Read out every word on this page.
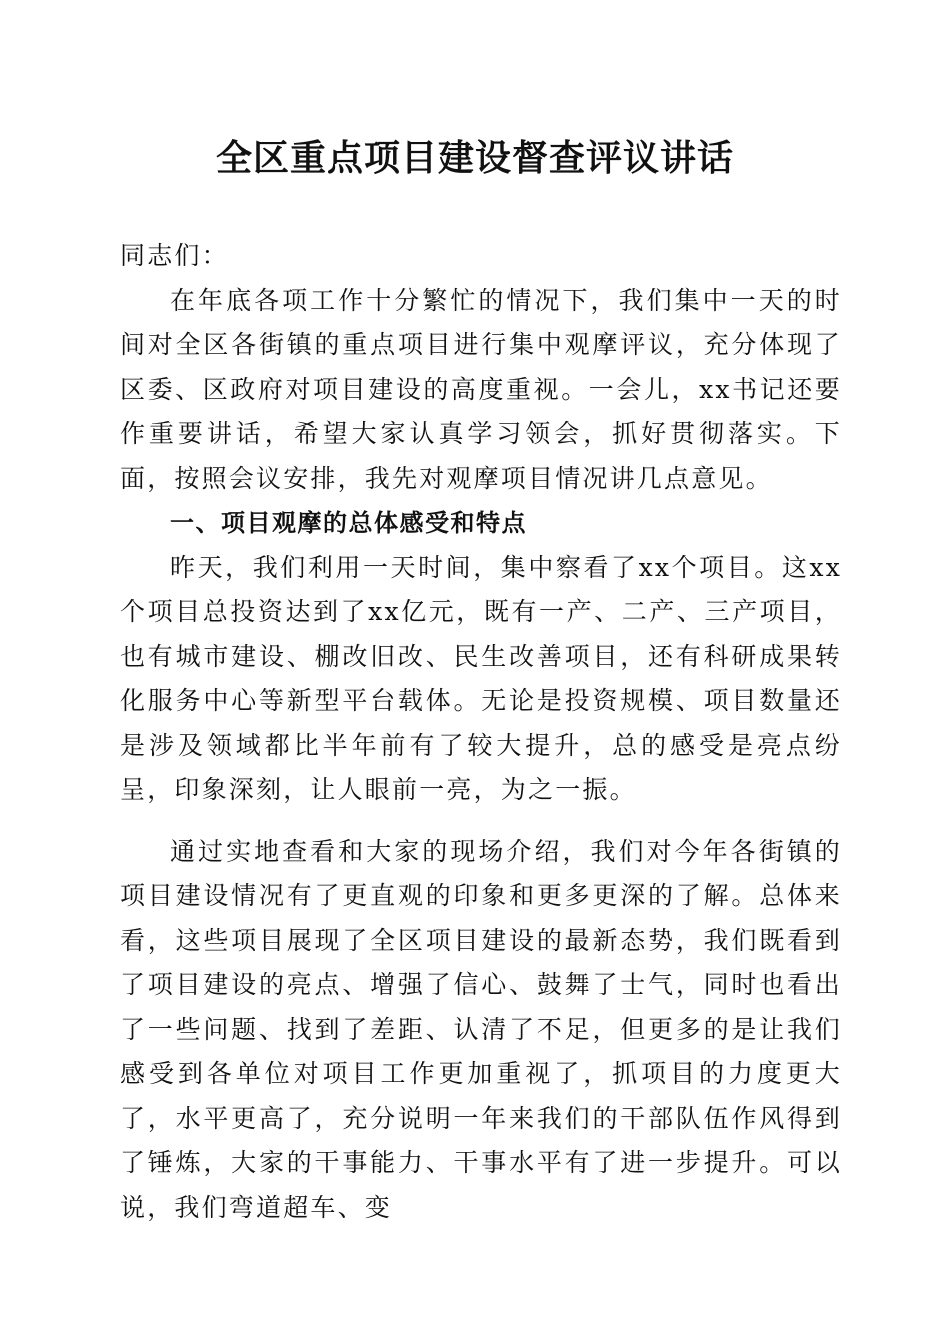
全区重点项目建设督查评议讲话

同志们：

在年底各项工作十分繁忙的情况下，我们集中一天的时间对全区各街镇的重点项目进行集中观摩评议，充分体现了区委、区政府对项目建设的高度重视。一会儿，xx书记还要作重要讲话，希望大家认真学习领会，抓好贯彻落实。下面，按照会议安排，我先对观摩项目情况讲几点意见。

一、项目观摩的总体感受和特点

昨天，我们利用一天时间，集中察看了xx个项目。这xx个项目总投资达到了xx亿元，既有一产、二产、三产项目，也有城市建设、棚改旧改、民生改善项目，还有科研成果转化服务中心等新型平台载体。无论是投资规模、项目数量还是涉及领域都比半年前有了较大提升，总的感受是亮点纷呈，印象深刻，让人眼前一亮，为之一振。

通过实地查看和大家的现场介绍，我们对今年各街镇的项目建设情况有了更直观的印象和更多更深的了解。总体来看，这些项目展现了全区项目建设的最新态势，我们既看到了项目建设的亮点、增强了信心、鼓舞了士气，同时也看出了一些问题、找到了差距、认清了不足，但更多的是让我们感受到各单位对项目工作更加重视了，抓项目的力度更大了，水平更高了，充分说明一年来我们的干部队伍作风得到了锤炼，大家的干事能力、干事水平有了进一步提升。可以说，我们弯道超车、变
